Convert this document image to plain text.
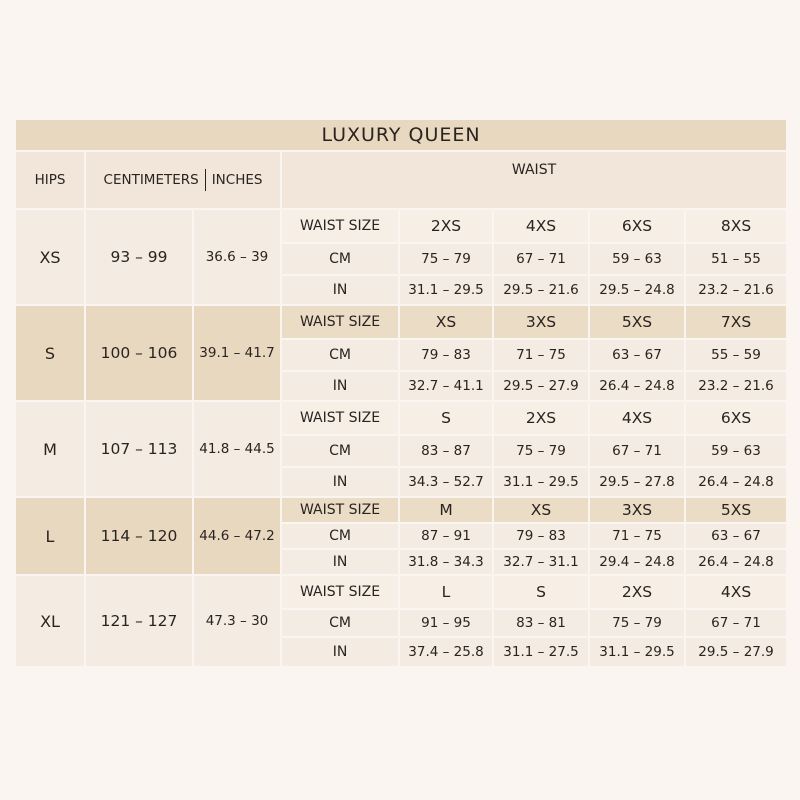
LUXURY QUEEN							
HIPS	CENTIMETERS INCHES		WAIST				
XS	93 – 99	36.6 – 39	WAIST SIZE	2XS	4XS	6XS	8XS
			CM	75 – 79	67 – 71	59 – 63	51 – 55
			IN	31.1 – 29.5	29.5 – 21.6	29.5 – 24.8	23.2 – 21.6
S	100 – 106	39.1 – 41.7	WAIST SIZE	XS	3XS	5XS	7XS
			CM	79 – 83	71 – 75	63 – 67	55 – 59
			IN	32.7 – 41.1	29.5 – 27.9	26.4 – 24.8	23.2 – 21.6
M	107 – 113	41.8 – 44.5	WAIST SIZE	S	2XS	4XS	6XS
			CM	83 – 87	75 – 79	67 – 71	59 – 63
			IN	34.3 – 52.7	31.1 – 29.5	29.5 – 27.8	26.4 – 24.8
L	114 – 120	44.6 – 47.2	WAIST SIZE	M	XS	3XS	5XS
			CM	87 – 91	79 – 83	71 – 75	63 – 67
			IN	31.8 – 34.3	32.7 – 31.1	29.4 – 24.8	26.4 – 24.8
XL	121 – 127	47.3 – 30	WAIST SIZE	L	S	2XS	4XS
			CM	91 – 95	83 – 81	75 – 79	67 – 71
			IN	37.4 – 25.8	31.1 – 27.5	31.1 – 29.5	29.5 – 27.9
